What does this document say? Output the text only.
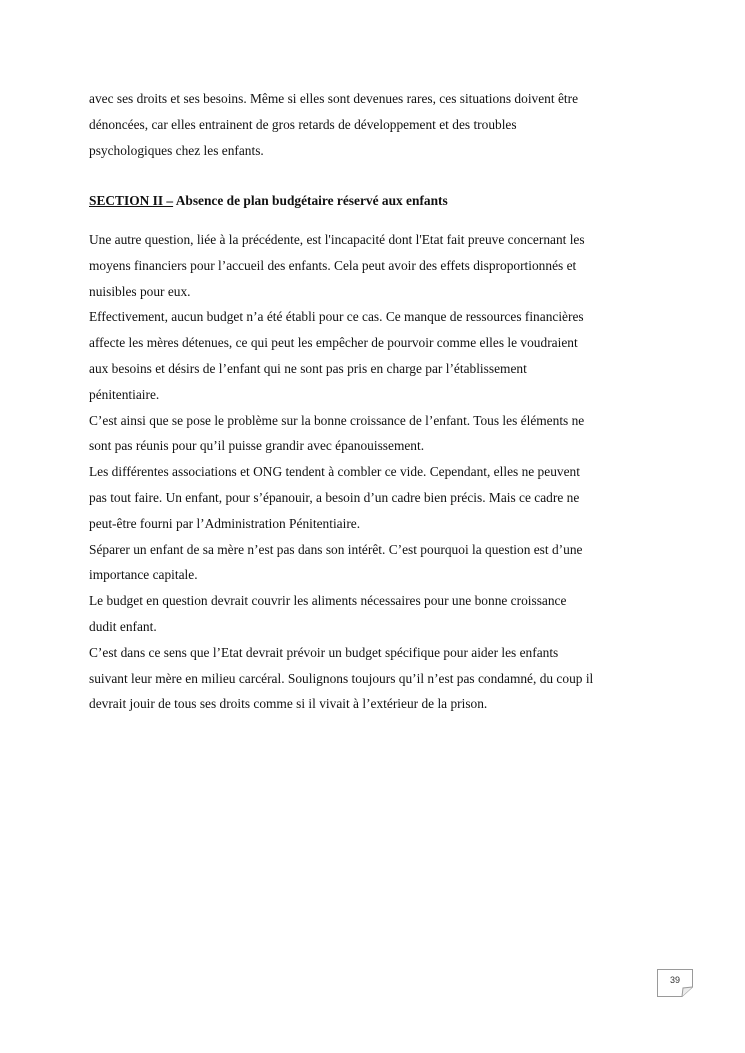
avec ses droits et ses besoins. Même si elles sont devenues rares, ces situations doivent être
dénoncées, car elles entrainent de gros retards de développement et des troubles
psychologiques chez les enfants.
SECTION II – Absence de plan budgétaire réservé aux enfants
Une autre question, liée à la précédente, est l'incapacité dont l'Etat fait preuve concernant les
moyens financiers pour l’accueil des enfants. Cela peut avoir des effets disproportionnés et
nuisibles pour eux.
Effectivement, aucun budget n’a été établi pour ce cas. Ce manque de ressources financières
affecte les mères détenues, ce qui peut les empêcher de pourvoir comme elles le voudraient
aux besoins et désirs de l’enfant qui ne sont pas pris en charge par l’établissement
pénitentiaire.
C’est ainsi que se pose le problème sur la bonne croissance de l’enfant. Tous les éléments ne
sont pas réunis pour qu’il puisse grandir avec épanouissement.
Les différentes associations et ONG tendent à combler ce vide. Cependant, elles ne peuvent
pas tout faire. Un enfant, pour s’épanouir, a besoin d’un cadre bien précis. Mais ce cadre ne
peut-être fourni par l’Administration Pénitentiaire.
Séparer un enfant de sa mère n’est pas dans son intérêt. C’est pourquoi la question est d’une
importance capitale.
Le budget en question devrait couvrir les aliments nécessaires pour une bonne croissance
dudit enfant.
C’est dans ce sens que l’Etat devrait prévoir un budget spécifique pour aider les enfants
suivant leur mère en milieu carcéral. Soulignons toujours qu’il n’est pas condamné, du coup il
devrait jouir de tous ses droits comme si il vivait à l’extérieur de la prison.
39
